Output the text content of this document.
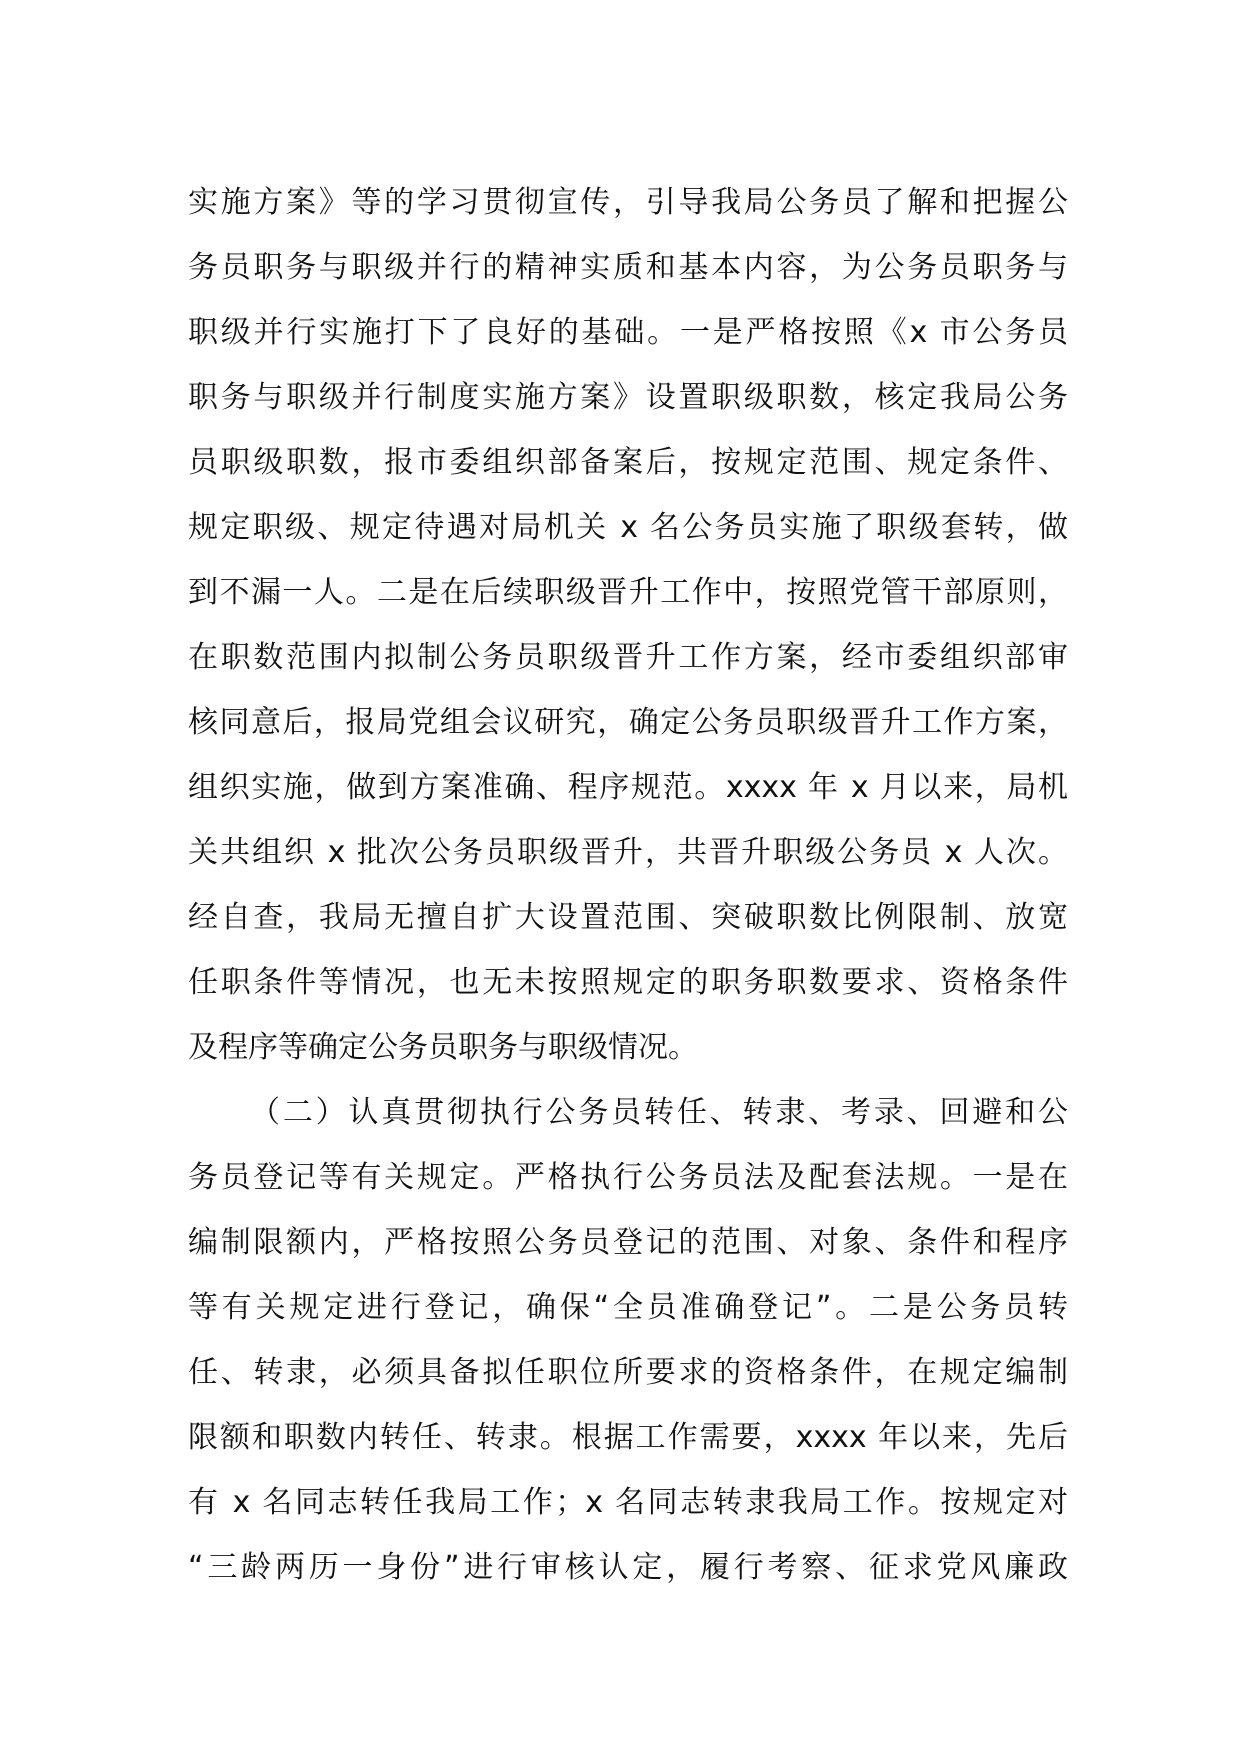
实施方案》等的学习贯彻宣传，引导我局公务员了解和把握公
务员职务与职级并行的精神实质和基本内容，为公务员职务与
职级并行实施打下了良好的基础。一是严格按照《x 市公务员
职务与职级并行制度实施方案》设置职级职数，核定我局公务
员职级职数，报市委组织部备案后，按规定范围、规定条件、
规定职级、规定待遇对局机关 x 名公务员实施了职级套转，做
到不漏一人。二是在后续职级晋升工作中，按照党管干部原则，
在职数范围内拟制公务员职级晋升工作方案，经市委组织部审
核同意后，报局党组会议研究，确定公务员职级晋升工作方案，
组织实施，做到方案准确、程序规范。xxxx 年 x 月以来，局机
关共组织 x 批次公务员职级晋升，共晋升职级公务员 x 人次。
经自查，我局无擅自扩大设置范围、突破职数比例限制、放宽
任职条件等情况，也无未按照规定的职务职数要求、资格条件
及程序等确定公务员职务与职级情况。
（二）认真贯彻执行公务员转任、转隶、考录、回避和公
务员登记等有关规定。严格执行公务员法及配套法规。一是在
编制限额内，严格按照公务员登记的范围、对象、条件和程序
等有关规定进行登记，确保“全员准确登记”。二是公务员转
任、转隶，必须具备拟任职位所要求的资格条件，在规定编制
限额和职数内转任、转隶。根据工作需要，xxxx 年以来，先后
有 x 名同志转任我局工作；x 名同志转隶我局工作。按规定对
“三龄两历一身份”进行审核认定，履行考察、征求党风廉政
